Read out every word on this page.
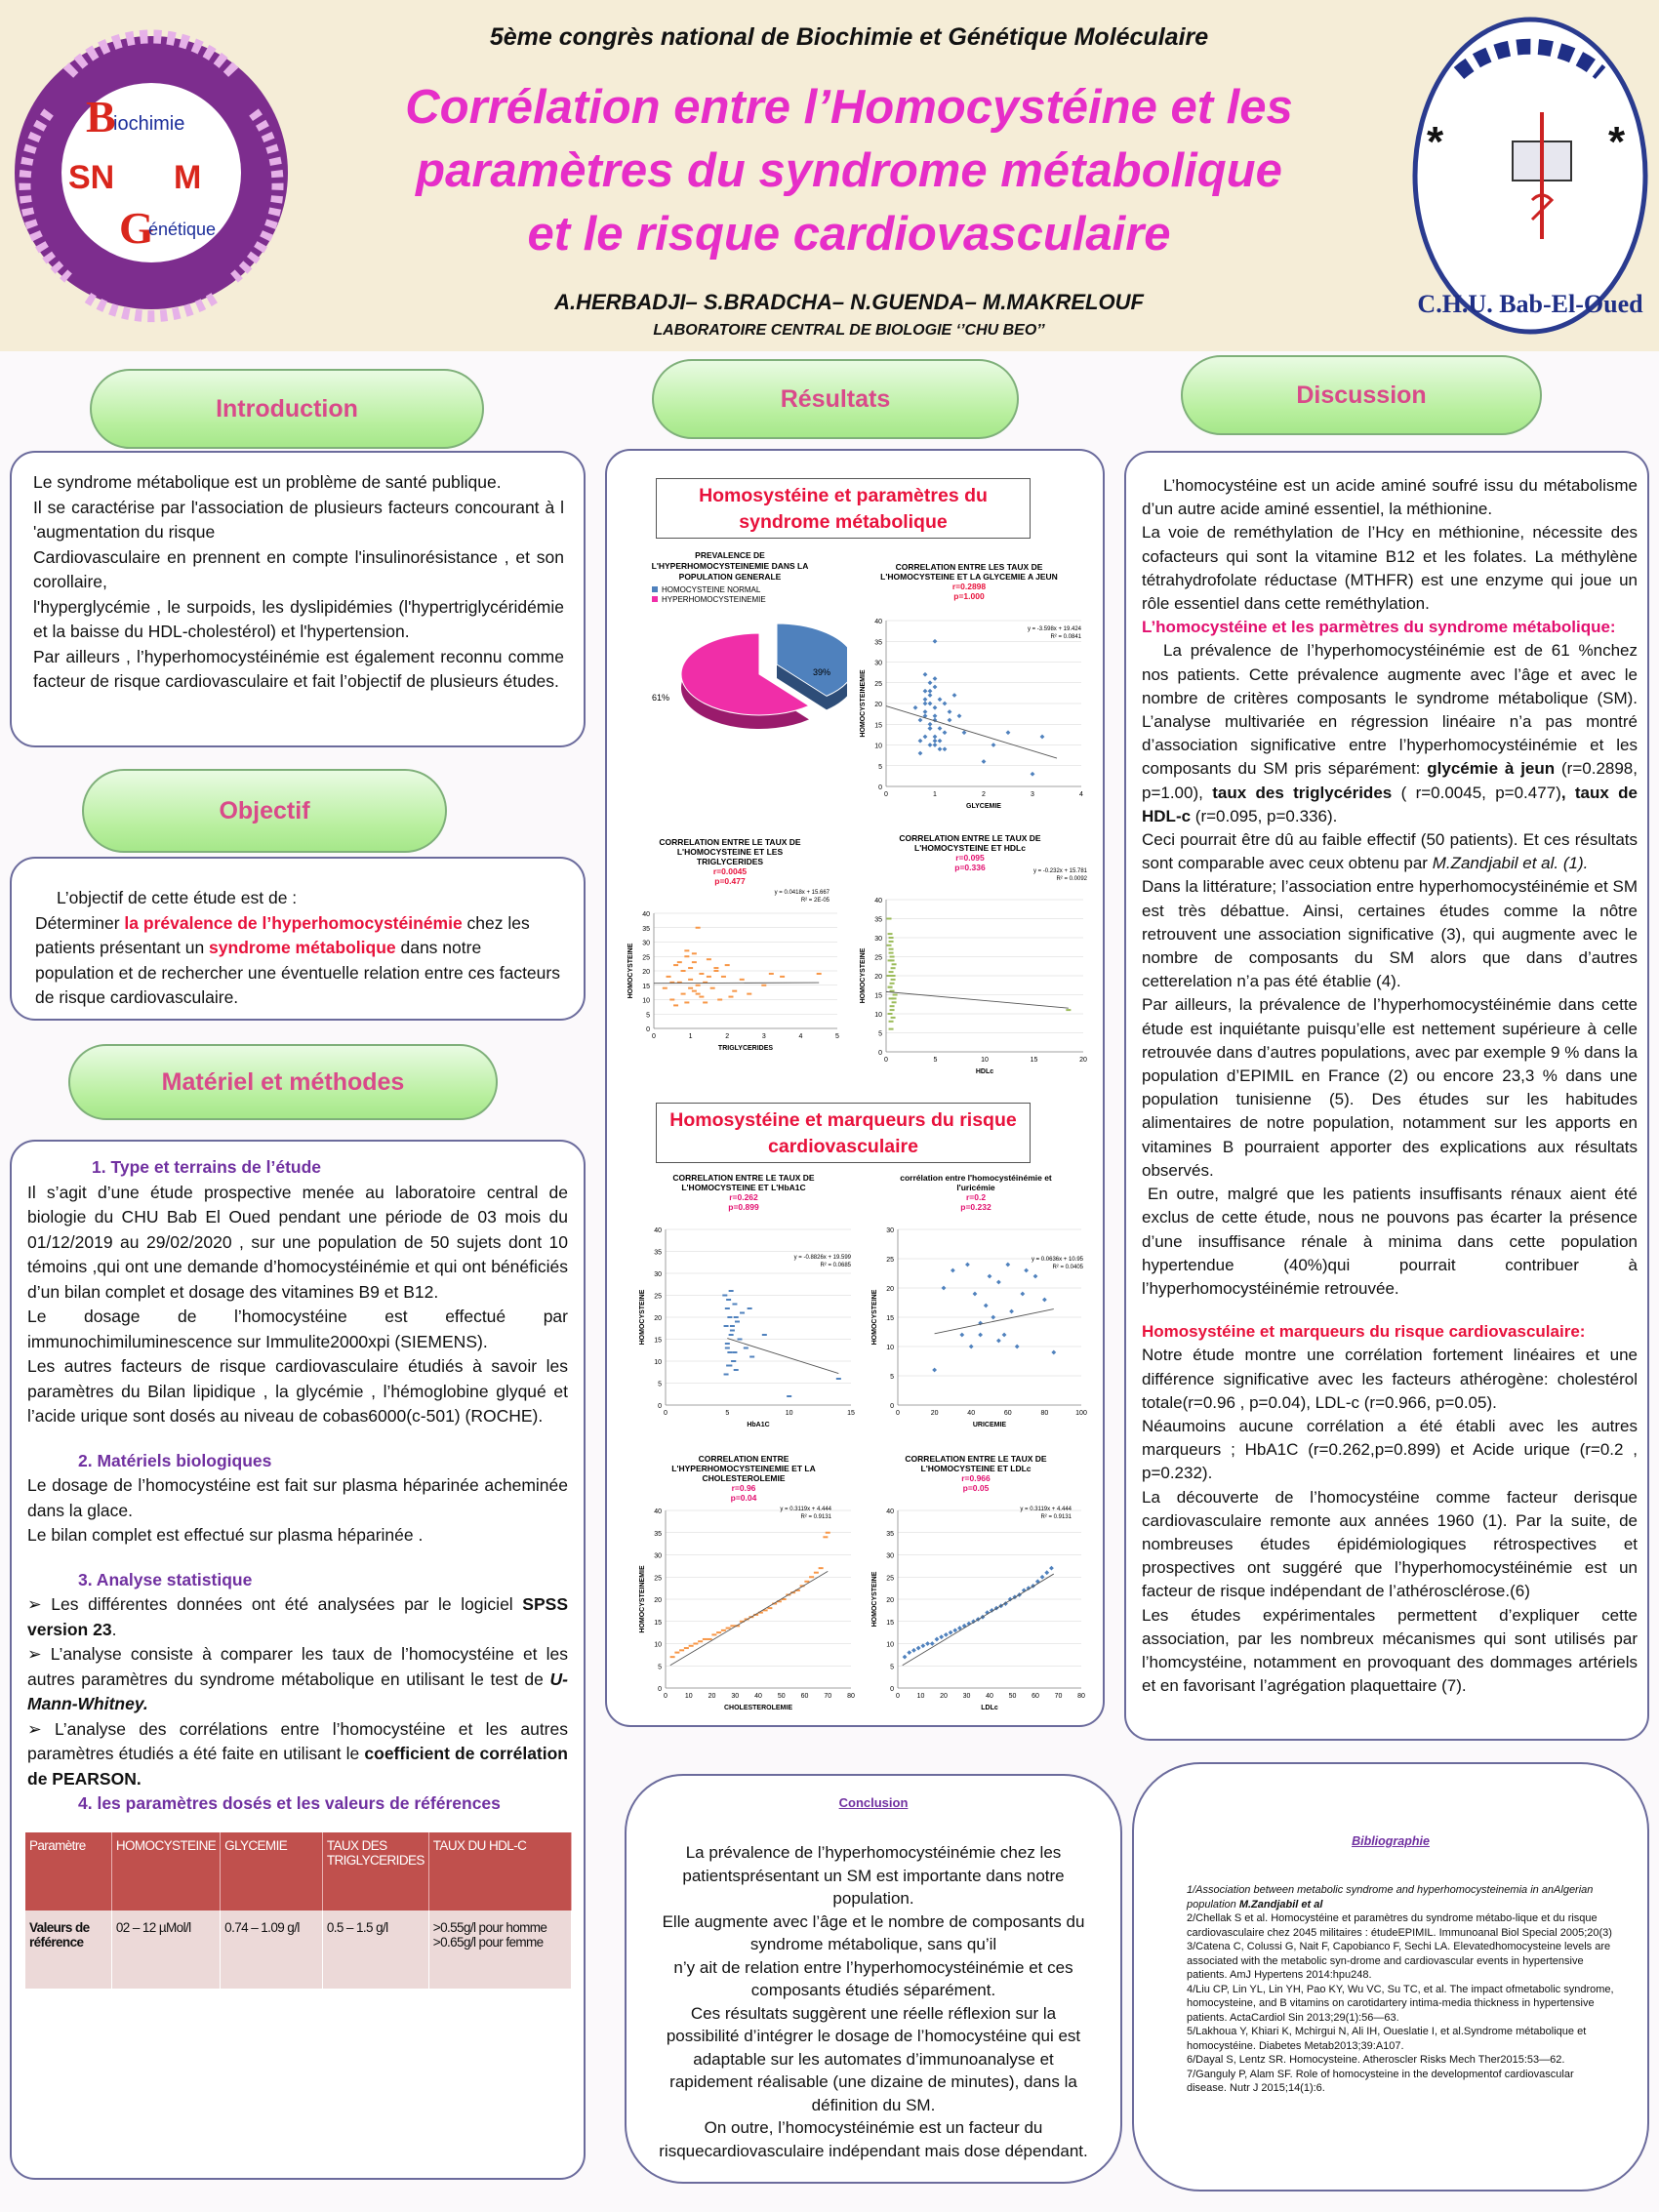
B
iochimie
SN M
G
énétique
*	*
C.H.U. Bab-El-Oued
5ème congrès national de Biochimie et Génétique Moléculaire
Corrélation entre l’Homocystéine et les
paramètres du syndrome métabolique
et le risque cardiovasculaire
A.HERBADJI– S.BRADCHA– N.GUENDA– M.MAKRELOUF
LABORATOIRE CENTRAL DE BIOLOGIE ‘’CHU BEO’’
Introduction
Le syndrome métabolique est un problème de santé publique.
Il se caractérise par l'association de plusieurs facteurs concourant à l 'augmentation du risque
Cardiovasculaire en prennent en compte l'insulinorésistance , et son corollaire,
l'hyperglycémie , le surpoids, les dyslipidémies (l'hypertriglycéridémie et la baisse du HDL-cholestérol) et l'hypertension.
Par ailleurs , l’hyperhomocystéinémie est également reconnu comme facteur de risque cardiovasculaire et fait l’objectif de plusieurs études.
Objectif
L’objectif de cette étude est de :
Déterminer la prévalence de l’hyperhomocystéinémie chez les patients présentant un syndrome métabolique dans notre population et de rechercher une éventuelle relation entre ces facteurs de risque cardiovasculaire.
Matériel et méthodes
1. Type et terrains de l’étude
Il s’agit d’une étude prospective menée au laboratoire central de biologie du CHU Bab El Oued pendant une période de 03 mois du 01/12/2019 au 29/02/2020 , sur une population de 50 sujets dont 10 témoins ,qui ont une demande d’homocystéinémie et qui ont bénéficiés d’un bilan complet et dosage des vitamines B9 et B12.
Le dosage de l’homocystéine est effectué par immunochimiluminescence sur Immulite2000xpi (SIEMENS).
Les autres facteurs de risque cardiovasculaire étudiés à savoir les paramètres du Bilan lipidique , la glycémie , l’hémoglobine glyqué et l’acide urique sont dosés au niveau de cobas6000(c-501) (ROCHE).
2. Matériels biologiques
Le dosage de l’homocystéine est fait sur plasma héparinée acheminée dans la glace.
Le bilan complet est effectué sur plasma héparinée .
3. Analyse statistique
➢ Les différentes données ont été analysées par le logiciel SPSS version 23.
➢ L’analyse consiste à comparer les taux de l’homocystéine et les autres paramètres du syndrome métabolique en utilisant le test de U-Mann-Whitney.
➢ L’analyse des corrélations entre l’homocystéine et les autres paramètres étudiés a été faite en utilisant le coefficient de corrélation de PEARSON.
4. les paramètres dosés et les valeurs de références
Paramètre	HOMOCYSTEINE	GLYCEMIE	TAUX DES TRIGLYCERIDES	TAUX DU HDL-C
Valeurs de référence	02 – 12 µMol/l	0.74 – 1.09 g/l	0.5 – 1.5 g/l	>0.55g/l pour homme >0.65g/l pour femme
Résultats
Homosystéine et paramètres du syndrome métabolique
Homosystéine et marqueurs du risque cardiovasculaire
PREVALENCE DE
L'HYPERHOMOCYSTEINEMIE DANS LA
POPULATION GENERALE
HOMOCYSTEINE NORMAL
HYPERHOMOCYSTEINEMIE
39%
61%
CORRELATION ENTRE LES TAUX DE
L'HOMOCYSTEINE ET LA GLYCEMIE A JEUN
r=0.2898
p=1.000
0
5
10
15
20
25
30
35
40
0	1	2	3	4
GLYCEMIE
HOMOCYSTEINEMIE
y = -3.598x + 19.424
R² = 0.0841
CORRELATION ENTRE LE TAUX DE
L'HOMOCYSTEINE ET LES
TRIGLYCERIDES
r=0.0045
p=0.477
0
5
10
15
20
25
30
35
40
0	1	2	3	4	5
TRIGLYCERIDES
HOMOCYSTEINE
y = 0.0418x + 15.667
R² = 2E-05
CORRELATION ENTRE LE TAUX DE
L'HOMOCYSTEINE ET HDLc
r=0.095
p=0.336
0
5
10
15
20
25
30
35
40
0	5	10	15	20
HDLc
HOMOCYSTEINE
y = -0.232x + 15.781
R² = 0.0092
CORRELATION ENTRE LE TAUX DE
L'HOMOCYSTEINE ET L'HbA1C
r=0.262
p=0.899
0
5
10
15
20
25
30
35
40
0	5	10	15
HbA1C
HOMOCYSTEINE
y = -0.8826x + 19.599
R² = 0.0685
corrélation entre l'homocystéinémie et
l'uricémie
r=0.2
p=0.232
0
5
10
15
20
25
30
0	20	40	60	80	100
URICEMIE
HOMOCYSTEINE
y = 0.0636x + 10.95
R² = 0.0405
CORRELATION ENTRE
L'HYPERHOMOCYSTEINEMIE ET LA
CHOLESTEROLEMIE
r=0.96
p=0.04
0
5
10
15
20
25
30
35
40
0	10 20 30 40 50 60 70 80
CHOLESTEROLEMIE
HOMOCYSTEINEMIE
y = 0.3119x + 4.444
R² = 0.9131
CORRELATION ENTRE LE TAUX DE
L'HOMOCYSTEINE ET LDLc
r=0.966
p=0.05
0
5
10
15
20
25
30
35
40
0	10 20 30 40 50 60 70 80
LDLc
HOMOCYSTEINE
y = 0.3119x + 4.444
R² = 0.9131
Conclusion
La prévalence de l’hyperhomocystéinémie chez les patientsprésentant un SM est importante dans notre population.
Elle augmente avec l’âge et le nombre de composants du syndrome métabolique, sans qu’il
n’y ait de relation entre l’hyperhomocystéinémie et ces composants étudiés séparément.
Ces résultats suggèrent une réelle réflexion sur la possibilité d’intégrer le dosage de l’homocystéine qui est adaptable sur les automates d’immunoanalyse et rapidement réalisable (une dizaine de minutes), dans la définition du SM.
On outre, l’homocystéinémie est un facteur du risquecardiovasculaire indépendant mais dose dépendant.
Discussion
L’homocystéine est un acide aminé soufré issu du métabolisme d’un autre acide aminé essentiel, la méthionine.
La voie de reméthylation de l’Hcy en méthionine, nécessite des cofacteurs qui sont la vitamine B12 et les folates. La méthylène tétrahydrofolate réductase (MTHFR) est une enzyme qui joue un rôle essentiel dans cette reméthylation.
L’homocystéine et les parmètres du syndrome métabolique:
La prévalence de l’hyperhomocystéinémie est de 61 %nchez nos patients. Cette prévalence augmente avec l’âge et avec le nombre de critères composants le syndrome métabolique (SM). L’analyse multivariée en régression linéaire n’a pas montré d’association significative entre l’hyperhomocystéinémie et les composants du SM pris séparément: glycémie à jeun (r=0.2898, p=1.00), taux des triglycérides ( r=0.0045, p=0.477), taux de HDL-c (r=0.095, p=0.336).
Ceci pourrait être dû au faible effectif (50 patients). Et ces résultats sont comparable avec ceux obtenu par M.Zandjabil et al. (1).
Dans la littérature; l’association entre hyperhomocystéinémie et SM est très débattue. Ainsi, certaines études comme la nôtre retrouvent une association significative (3), qui augmente avec le nombre de composants du SM alors que dans d’autres cetterelation n’a pas été établie (4).
Par ailleurs, la prévalence de l’hyperhomocystéinémie dans cette étude est inquiétante puisqu’elle est nettement supérieure à celle retrouvée dans d’autres populations, avec par exemple 9 % dans la population d’EPIMIL en France (2) ou encore 23,3 % dans une population tunisienne (5). Des études sur les habitudes alimentaires de notre population, notamment sur les apports en vitamines B pourraient apporter des explications aux résultats observés.
En outre, malgré que les patients insuffisants rénaux aient été exclus de cette étude, nous ne pouvons pas écarter la présence d’une insuffisance rénale à minima dans cette population hypertendue (40%)qui pourrait contribuer à l’hyperhomocystéinémie retrouvée.
Homosystéine et marqueurs du risque cardiovasculaire:
Notre étude montre une corrélation fortement linéaires et une différence significative avec les facteurs athérogène: cholestérol totale(r=0.96 , p=0.04), LDL-c (r=0.966, p=0.05).
Néaumoins aucune corrélation a été établi avec les autres marqueurs ; HbA1C (r=0.262,p=0.899) et Acide urique (r=0.2 , p=0.232).
La découverte de l’homocystéine comme facteur derisque cardiovasculaire remonte aux années 1960 (1). Par la suite, de nombreuses études épidémiologiques rétrospectives et prospectives ont suggéré que l’hyperhomocystéinémie est un facteur de risque indépendant de l’athérosclérose.(6)
Les études expérimentales permettent d’expliquer cette association, par les nombreux mécanismes qui sont utilisés par l’homcystéine, notamment en provoquant des dommages artériels et en favorisant l’agrégation plaquettaire (7).
Bibliographie
1/Association between metabolic syndrome and hyperhomocysteinemia in anAlgerian population M.Zandjabil et al
2/Chellak S et al. Homocystéine et paramètres du syndrome métabo-lique et du risque cardiovasculaire chez 2045 militaires : étudeEPIMIL. Immunoanal Biol Special 2005;20(3)
3/Catena C, Colussi G, Nait F, Capobianco F, Sechi LA. Elevatedhomocysteine levels are associated with the metabolic syn-drome and cardiovascular events in hypertensive patients. AmJ Hypertens 2014:hpu248.
4/Liu CP, Lin YL, Lin YH, Pao KY, Wu VC, Su TC, et al. The impact ofmetabolic syndrome, homocysteine, and B vitamins on carotidartery intima-media thickness in hypertensive patients. ActaCardiol Sin 2013;29(1):56—63.
5/Lakhoua Y, Khiari K, Mchirgui N, Ali IH, Oueslatie I, et al.Syndrome métabolique et homocystéine. Diabetes Metab2013;39:A107.
6/Dayal S, Lentz SR. Homocysteine. Atheroscler Risks Mech Ther2015:53—62.
7/Ganguly P, Alam SF. Role of homocysteine in the developmentof cardiovascular disease. Nutr J 2015;14(1):6.
